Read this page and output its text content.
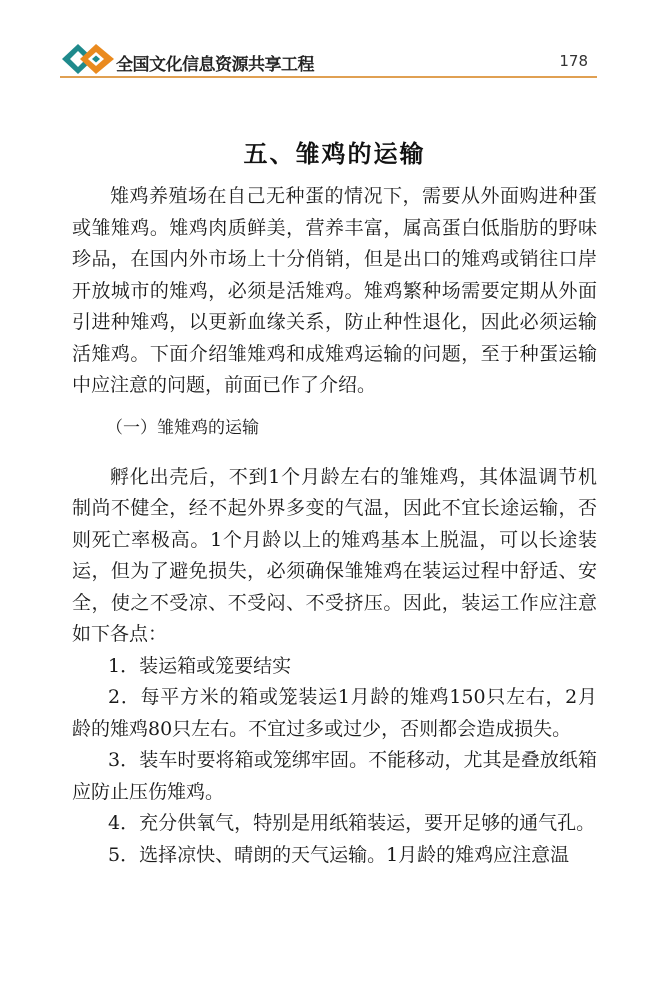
全国文化信息资源共享工程	178
五、雏鸡的运输

雉鸡养殖场在自己无种蛋的情况下，需要从外面购进种蛋或雏雉鸡。雉鸡肉质鲜美，营养丰富，属高蛋白低脂肪的野味珍品，在国内外市场上十分俏销，但是出口的雉鸡或销往口岸开放城市的雉鸡，必须是活雉鸡。雉鸡繁种场需要定期从外面引进种雉鸡，以更新血缘关系，防止种性退化，因此必须运输活雉鸡。下面介绍雏雉鸡和成雉鸡运输的问题，至于种蛋运输中应注意的问题，前面已作了介绍。

（一）雏雉鸡的运输

孵化出壳后，不到1个月龄左右的雏雉鸡，其体温调节机制尚不健全，经不起外界多变的气温，因此不宜长途运输，否则死亡率极高。1个月龄以上的雉鸡基本上脱温，可以长途装运，但为了避免损失，必须确保雏雉鸡在装运过程中舒适、安全，使之不受凉、不受闷、不受挤压。因此，装运工作应注意如下各点：

1．装运箱或笼要结实

2．每平方米的箱或笼装运1月龄的雉鸡150只左右，2月龄的雉鸡80只左右。不宜过多或过少，否则都会造成损失。

3．装车时要将箱或笼绑牢固。不能移动，尤其是叠放纸箱应防止压伤雉鸡。

4．充分供氧气，特别是用纸箱装运，要开足够的通气孔。

5．选择凉快、晴朗的天气运输。1月龄的雉鸡应注意温
